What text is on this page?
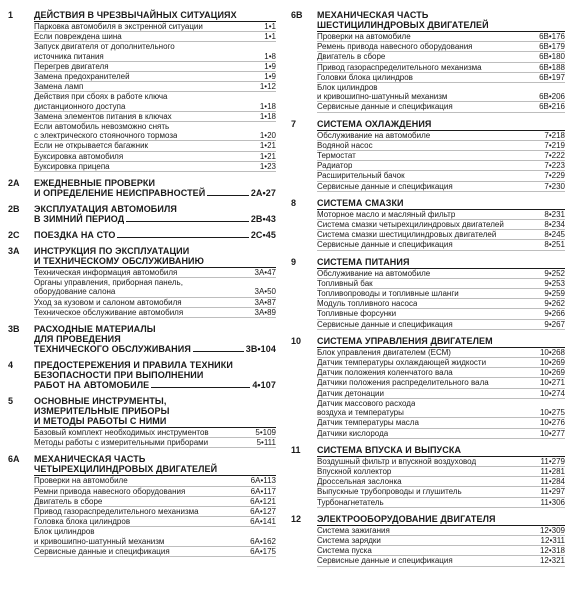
1	ДЕЙСТВИЯ В ЧРЕЗВЫЧАЙНЫХ СИТУАЦИЯХ
Парковка автомобиля в экстренной ситуации	1•1
Если повреждена шина	1•1
Запуск двигателя от дополнительного
источника питания	1•8
Перегрев двигателя	1•9
Замена предохранителей	1•9
Замена ламп	1•12
Действия при сбоях в работе ключа
дистанционного доступа	1•18
Замена элементов питания в ключах	1•18
Если автомобиль невозможно снять
с электрического стояночного тормоза	1•20
Если не открывается багажник	1•21
Буксировка автомобиля	1•21
Буксировка прицепа	1•23
2А	ЕЖЕДНЕВНЫЕ ПРОВЕРКИ
И ОПРЕДЕЛЕНИЕ НЕИСПРАВНОСТЕЙ	2А•27
2В	ЭКСПЛУАТАЦИЯ АВТОМОБИЛЯ
В ЗИМНИЙ ПЕРИОД	2В•43
2С	ПОЕЗДКА НА СТО	2С•45
3А	ИНСТРУКЦИЯ ПО ЭКСПЛУАТАЦИИ
И ТЕХНИЧЕСКОМУ ОБСЛУЖИВАНИЮ
Техническая информация автомобиля	3А•47
Органы управления, приборная панель,
оборудование салона	3А•50
Уход за кузовом и салоном автомобиля	3А•87
Техническое обслуживание автомобиля	3А•89
3В	РАСХОДНЫЕ МАТЕРИАЛЫ
ДЛЯ ПРОВЕДЕНИЯ
ТЕХНИЧЕСКОГО ОБСЛУЖИВАНИЯ	3В•104
4	ПРЕДОСТЕРЕЖЕНИЯ И ПРАВИЛА ТЕХНИКИ
БЕЗОПАСНОСТИ ПРИ ВЫПОЛНЕНИИ
РАБОТ НА АВТОМОБИЛЕ	4•107
5	ОСНОВНЫЕ ИНСТРУМЕНТЫ,
ИЗМЕРИТЕЛЬНЫЕ ПРИБОРЫ
И МЕТОДЫ РАБОТЫ С НИМИ
Базовый комплект необходимых инструментов	5•109
Методы работы с измерительными приборами	5•111
6А	МЕХАНИЧЕСКАЯ ЧАСТЬ
ЧЕТЫРЕХЦИЛИНДРОВЫХ ДВИГАТЕЛЕЙ
Проверки на автомобиле	6А•113
Ремни привода навесного оборудования	6А•117
Двигатель в сборе	6А•121
Привод газораспределительного механизма	6А•127
Головка блока цилиндров	6А•141
Блок цилиндров
и кривошипно-шатунный механизм	6А•162
Сервисные данные и спецификация	6А•175
6В	МЕХАНИЧЕСКАЯ ЧАСТЬ
ШЕСТИЦИЛИНДРОВЫХ ДВИГАТЕЛЕЙ
Проверки на автомобиле	6В•176
Ремень привода навесного оборудования	6В•179
Двигатель в сборе	6В•180
Привод газораспределительного механизма	6В•188
Головки блока цилиндров	6В•197
Блок цилиндров
и кривошипно-шатунный механизм	6В•206
Сервисные данные и спецификация	6В•216
7	СИСТЕМА ОХЛАЖДЕНИЯ
Обслуживание на автомобиле	7•218
Водяной насос	7•219
Термостат	7•222
Радиатор	7•223
Расширительный бачок	7•229
Сервисные данные и спецификация	7•230
8	СИСТЕМА СМАЗКИ
Моторное масло и масляный фильтр	8•231
Система смазки четырехцилиндровых двигателей	8•234
Система смазки шестицилиндровых двигателей	8•245
Сервисные данные и спецификация	8•251
9	СИСТЕМА ПИТАНИЯ
Обслуживание на автомобиле	9•252
Топливный бак	9•253
Топливопроводы и топливные шланги	9•259
Модуль топливного насоса	9•262
Топливные форсунки	9•266
Сервисные данные и спецификация	9•267
10	СИСТЕМА УПРАВЛЕНИЯ ДВИГАТЕЛЕМ
Блок управления двигателем (ЕСМ)	10•268
Датчик температуры охлаждающей жидкости	10•269
Датчик положения коленчатого вала	10•269
Датчики положения распределительного вала	10•271
Датчик детонации	10•274
Датчик массового расхода
воздуха и температуры	10•275
Датчик температуры масла	10•276
Датчики кислорода	10•277
11	СИСТЕМА ВПУСКА И ВЫПУСКА
Воздушный фильтр и впускной воздуховод	11•279
Впускной коллектор	11•281
Дроссельная заслонка	11•284
Выпускные трубопроводы и глушитель	11•297
Турбонагнетатель	11•306
12	ЭЛЕКТРООБОРУДОВАНИЕ ДВИГАТЕЛЯ
Система зажигания	12•309
Система зарядки	12•311
Система пуска	12•318
Сервисные данные и спецификация	12•321
